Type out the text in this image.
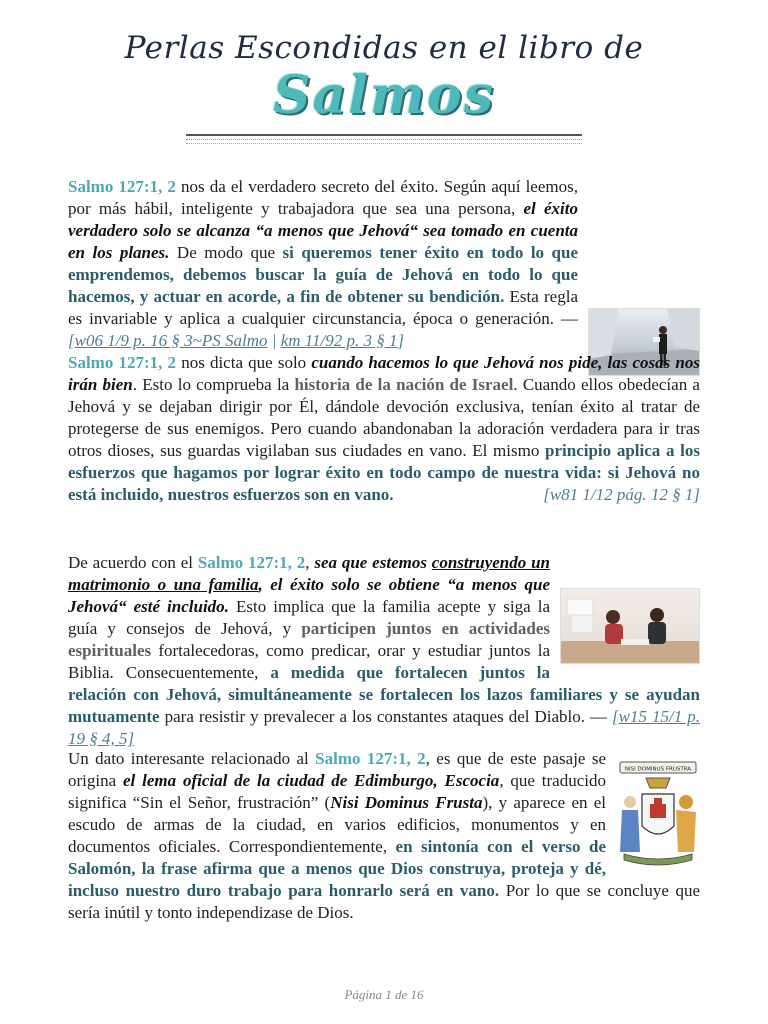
Perlas Escondidas en el libro de
Salmos
Salmo 127:1, 2 nos da el verdadero secreto del éxito. Según aquí leemos, por más hábil, inteligente y trabajadora que sea una persona, el éxito verdadero solo se alcanza “a menos que Jehová“ sea tomado en cuenta en los planes. De modo que si queremos tener éxito en todo lo que emprendemos, debemos buscar la guía de Jehová en todo lo que hacemos, y actuar en acorde, a fin de obtener su bendición. Esta regla es invariable y aplica a cualquier circunstancia, época o generación. — [w06 1/9 p. 16 § 3~PS Salmo | km 11/92 p. 3 § 1]
Salmo 127:1, 2 nos dicta que solo cuando hacemos lo que Jehová nos pide, las cosas nos irán bien. Esto lo comprueba la historia de la nación de Israel. Cuando ellos obedecían a Jehová y se dejaban dirigir por Él, dándole devoción exclusiva, tenían éxito al tratar de protegerse de sus enemigos. Pero cuando abandonaban la adoración verdadera para ir tras otros dioses, sus guardas vigilaban sus ciudades en vano. El mismo principio aplica a los esfuerzos que hagamos por lograr éxito en todo campo de nuestra vida: si Jehová no está incluido, nuestros esfuerzos son en vano.	[w81 1/12 pág. 12 § 1]
De acuerdo con el Salmo 127:1, 2, sea que estemos construyendo un matrimonio o una familia, el éxito solo se obtiene “a menos que Jehová“ esté incluido. Esto implica que la familia acepte y siga la guía y consejos de Jehová, y participen juntos en actividades espirituales fortalecedoras, como predicar, orar y estudiar juntos la Biblia. Consecuentemente, a medida que fortalecen juntos la relación con Jehová, simultáneamente se fortalecen los lazos familiares y se ayudan mutuamente para resistir y prevalecer a los constantes ataques del Diablo. — [w15 15/1 p. 19 § 4, 5]
NISI DOMINUS FRUSTRA
Un dato interesante relacionado al Salmo 127:1, 2, es que de este pasaje se origina el lema oficial de la ciudad de Edimburgo, Escocia, que traducido significa “Sin el Señor, frustración” (Nisi Dominus Frusta), y aparece en el escudo de armas de la ciudad, en varios edificios, monumentos y en documentos oficiales. Correspondientemente, en sintonía con el verso de Salomón, la frase afirma que a menos que Dios construya, proteja y dé, incluso nuestro duro trabajo para honrarlo será en vano. Por lo que se concluye que sería inútil y tonto independizase de Dios.
Página 1 de 16
